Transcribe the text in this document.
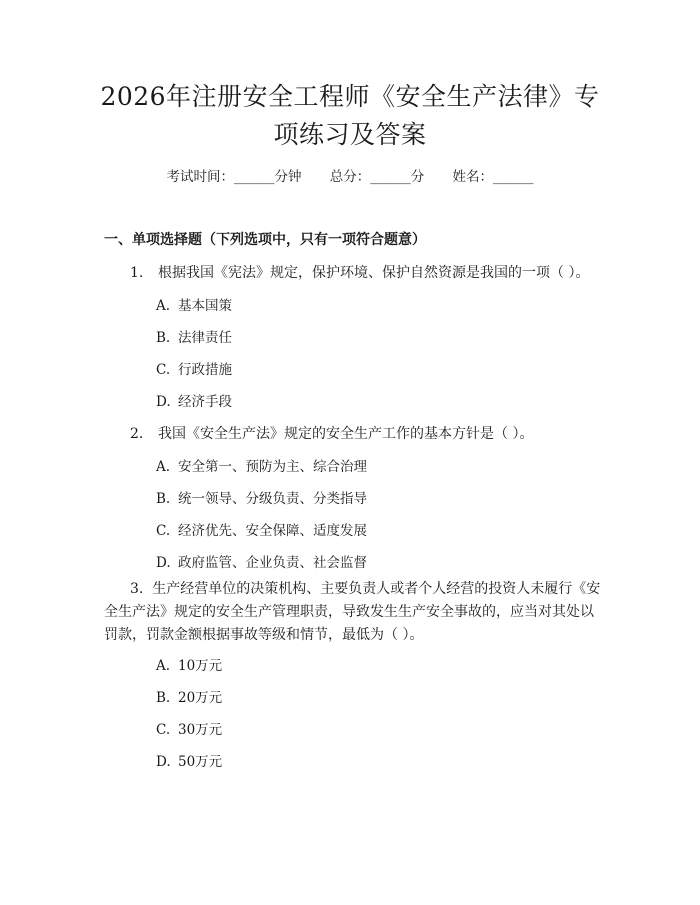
2026年注册安全工程师《安全生产法律》专
项练习及答案
考试时间：______分钟 总分：______分 姓名：______
一、单项选择题（下列选项中，只有一项符合题意）
1. 根据我国《宪法》规定，保护环境、保护自然资源是我国的一项（ ）。
A. 基本国策
B. 法律责任
C. 行政措施
D. 经济手段
2. 我国《安全生产法》规定的安全生产工作的基本方针是（ ）。
A. 安全第一、预防为主、综合治理
B. 统一领导、分级负责、分类指导
C. 经济优先、安全保障、适度发展
D. 政府监管、企业负责、社会监督
3. 生产经营单位的决策机构、主要负责人或者个人经营的投资人未履行《安全生产法》规定的安全生产管理职责，导致发生生产安全事故的，应当对其处以罚款，罚款金额根据事故等级和情节，最低为（ ）。
A. 10万元
B. 20万元
C. 30万元
D. 50万元
